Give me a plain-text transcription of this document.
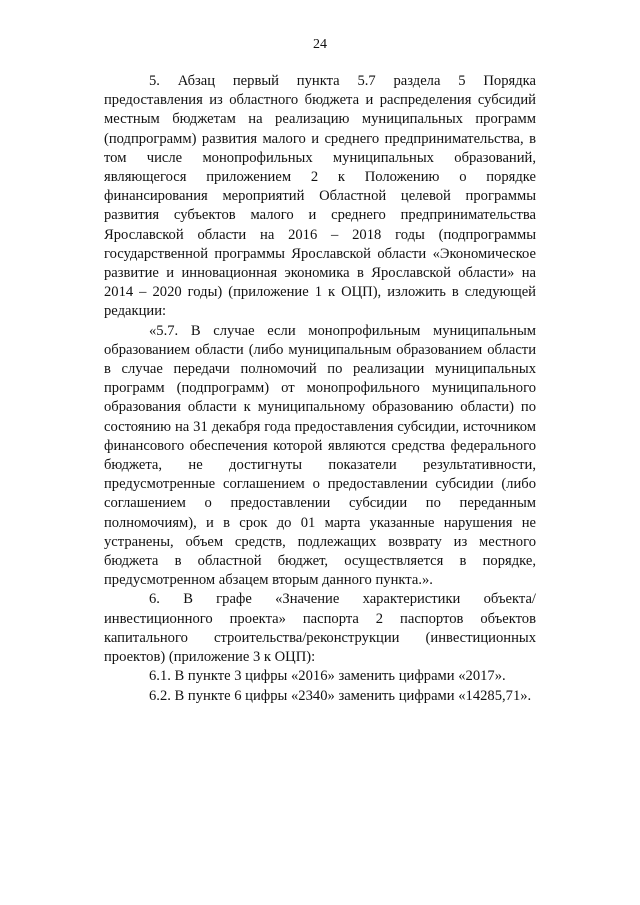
24

5. Абзац первый пункта 5.7 раздела 5 Порядка предоставления из областного бюджета и распределения субсидий местным бюджетам на реализацию муниципальных программ (подпрограмм) развития малого и среднего предпринимательства, в том числе монопрофильных муниципальных образований, являющегося приложением 2 к Положению о порядке финансирования мероприятий Областной целевой программы развития субъектов малого и среднего предпринимательства Ярославской области на 2016 – 2018 годы (подпрограммы государственной программы Ярославской области «Экономическое развитие и инновационная экономика в Ярославской области» на 2014 – 2020 годы) (приложение 1 к ОЦП), изложить в следующей редакции:

«5.7. В случае если монопрофильным муниципальным образованием области (либо муниципальным образованием области в случае передачи полномочий по реализации муниципальных программ (подпрограмм) от монопрофильного муниципального образования области к муниципальному образованию области) по состоянию на 31 декабря года предоставления субсидии, источником финансового обеспечения которой являются средства федерального бюджета, не достигнуты показатели результативности, предусмотренные соглашением о предоставлении субсидии (либо соглашением о предоставлении субсидии по переданным полномочиям), и в срок до 01 марта указанные нарушения не устранены, объем средств, подлежащих возврату из местного бюджета в областной бюджет, осуществляется в порядке, предусмотренном абзацем вторым данного пункта.».

6. В графе «Значение характеристики объекта/инвестиционного проекта» паспорта 2 паспортов объектов капитального строительства/реконструкции (инвестиционных проектов) (приложение 3 к ОЦП):

6.1. В пункте 3 цифры «2016» заменить цифрами «2017».

6.2. В пункте 6 цифры «2340» заменить цифрами «14285,71».
